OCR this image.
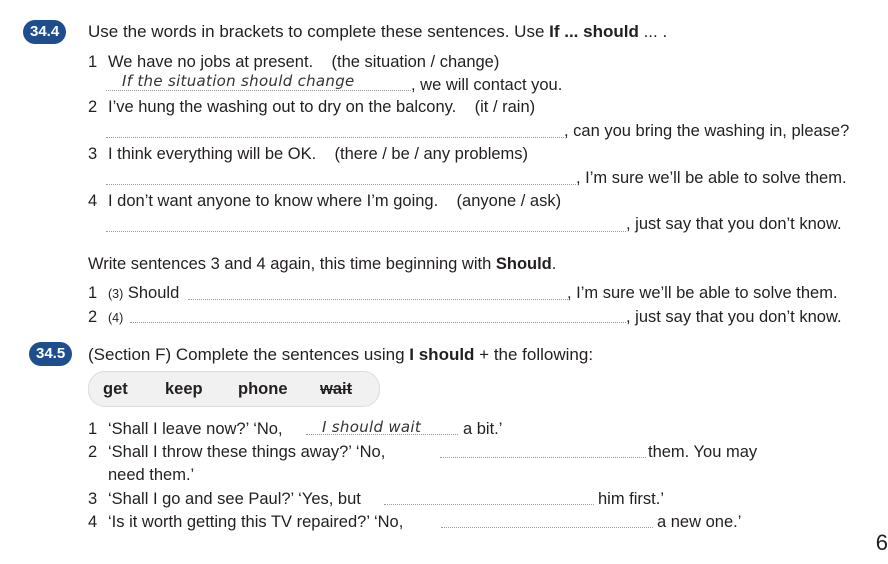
34.4	Use the words in brackets to complete these sentences. Use If ... should ... .
1 We have no jobs at present. (the situation / change)
If the situation should change	, we will contact you.
2 I’ve hung the washing out to dry on the balcony. (it / rain)
, can you bring the washing in, please?
3 I think everything will be OK. (there / be / any problems)
, I’m sure we’ll be able to solve them.
4 I don’t want anyone to know where I’m going. (anyone / ask)
, just say that you don’t know.
Write sentences 3 and 4 again, this time beginning with Should.
1 (3) Should	, I’m sure we’ll be able to solve them.
2 (4)	, just say that you don’t know.
34.5	(Section F) Complete the sentences using I should + the following:
get keep phone wait
1 ‘Shall I leave now?’ ‘No,	I should wait	a bit.’
2 ‘Shall I throw these things away?’ ‘No,	them. You may
need them.’
3 ‘Shall I go and see Paul?’ ‘Yes, but	him first.’
4 ‘Is it worth getting this TV repaired?’ ‘No,	a new one.’
6
